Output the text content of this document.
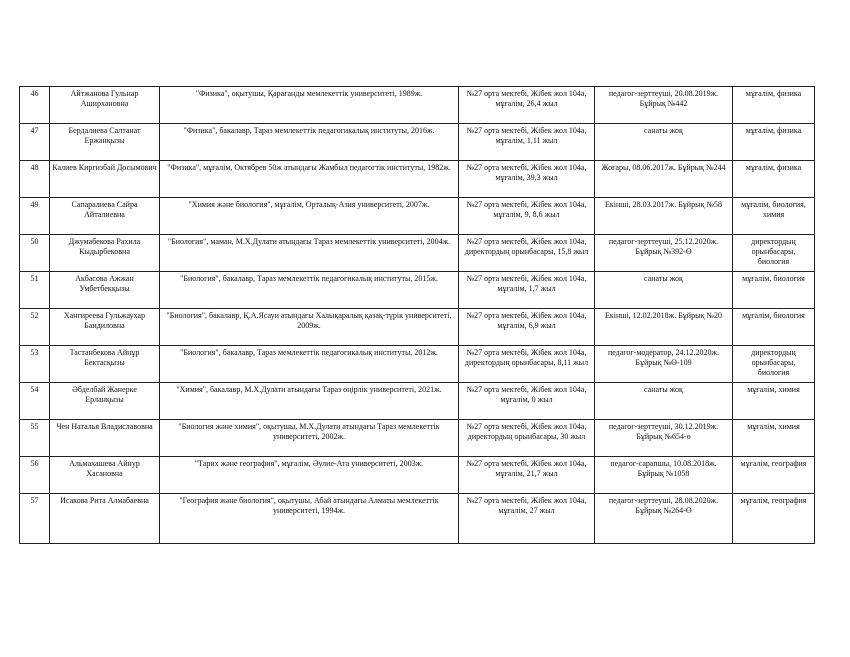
46	Айтжанова Гульнар Аширхановна	"Физика", оқытушы, Қарағанды мемлекеттік университеті, 1989ж.	№27 орта мектебі, Жібек жол 104а, мұғалім, 26,4 жыл	педагог-зерттеуші, 20.08.2019ж. Бұйрық №442	мұғалім, физика
47	Бердалиева Салтанат Ержанқызы	"Физика", бакалавр, Тараз мемлекеттік педагогикалық институты, 2016ж.	№27 орта мектебі, Жібек жол 104а, мұғалім, 1,11 жыл	санаты жоқ	мұғалім, физика
48	Калиев Киргизбай Досымович	"Физика", мұғалім, Октябрев 50ж атындағы Жамбыл педагогтік институты, 1982ж.	№27 орта мектебі, Жібек жол 104а, мұғалім, 39,3 жыл	Жоғары, 08.06.2017ж. Бұйрық №244	мұғалім, физика
49	Сапаралиева Сайра Айталиевна	"Химия және биология", мұғалім, Орталық-Азия университеті, 2007ж.	№27 орта мектебі, Жібек жол 104а, мұғалім, 9, 8,6 жыл	Екінші, 28.03.2017ж. Бұйрық №58	мұғалім, биология, химия
50	Джумабекова Рахила Кыдырбековна	"Биология", маман, М.Х.Дулати атындағы Тараз мемлекеттік университеті, 2004ж.	№27 орта мектебі, Жібек жол 104а, директордың орынбасары, 15,8 жыл	педагог-зерттеуші, 25.12.2020ж. Бұйрық №392-Ө	директордың орынбасары, биология
51	Акбасова Ажжан Умбетбекқызы	"Биология", бакалавр, Тараз мемлекеттік педагогикалық институты, 2015ж.	№27 орта мектебі, Жібек жол 104а, мұғалім, 1,7 жыл	санаты жоқ	мұғалім, биология
52	Хангиреева Гульжаухар Баидиловна	"Биология", бакалавр, Қ.А.Ясауи атындағы Халықаралық қазақ-түрік университеті, 2009ж.	№27 орта мектебі, Жібек жол 104а, мұғалім, 6,9 жыл	Екінші, 12.02.2018ж. Бұйрық №20	мұғалім, биология
53	Тастанбекова Айнұр Бектасқызы	"Биология", бакалавр, Тараз мемлекеттік педагогикалық институты, 2012ж.	№27 орта мектебі, Жібек жол 104а, директордың орынбасары, 8,11 жыл	педагог-модератор, 24.12.2020ж. Бұйрық №Ө-109	директордың орынбасары, биология
54	Әбделбай Жанерке Ерланқызы	"Химия", бакалавр, М.Х.Дулати атындағы Тараз өңірлік университеті, 2021ж.	№27 орта мектебі, Жібек жол 104а, мұғалім, 0 жыл	санаты жоқ	мұғалім, химия
55	Чен Наталья Владиславовна	"Биология және химия", оқытушы, М.Х.Дулати атындағы Тараз мемлекеттік университеті, 2002ж.	№27 орта мектебі, Жібек жол 104а, директордың орынбасары, 30 жыл	педагог-зерттеуші, 30.12.2019ж. Бұйрық №654-ө	мұғалім, химия
56	Альмахашева Айнур Хасановна	"Тарих және география", мұғалім, Әулие-Ата университеті, 2003ж.	№27 орта мектебі, Жібек жол 104а, мұғалім, 21,7 жыл	педагог-сарапшы, 10.08.2018ж. Бұйрық №1058	мұғалім, география
57	Исакова Рита Алмабаевна	"География және биология", оқытушы, Абай атындағы Алматы мемлекеттік университеті, 1994ж.	№27 орта мектебі, Жібек жол 104а, мұғалім, 27 жыл	педагог-зерттеуші, 28.08.2020ж. Бұйрық №264-Ө	мұғалім, география
